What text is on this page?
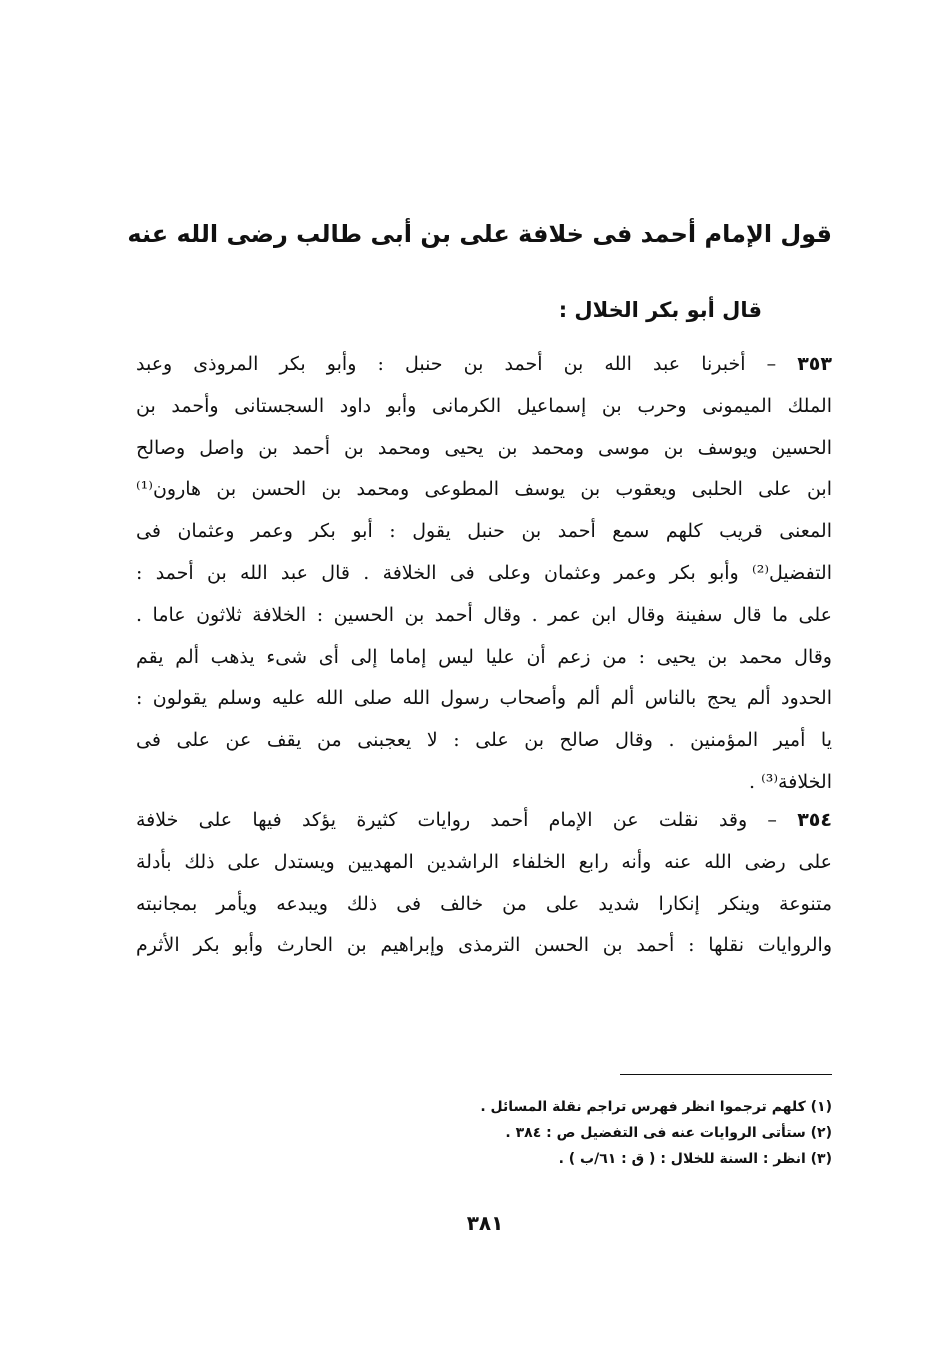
قول الإمام أحمد فى خلافة على بن أبى طالب رضى الله عنه
قال أبو بكر الخلال :
٣٥٣ – أخبرنا عبد الله بن أحمد بن حنبل : وأبو بكر المروذى وعبد
الملك الميمونى وحرب بن إسماعيل الكرمانى وأبو داود السجستانى وأحمد بن
الحسين ويوسف بن موسى ومحمد بن يحيى ومحمد بن أحمد بن واصل وصالح
ابن على الحلبى ويعقوب بن يوسف المطوعى ومحمد بن الحسن بن هارون⁽¹⁾
المعنى قريب كلهم سمع أحمد بن حنبل يقول : أبو بكر وعمر وعثمان فى
التفضيل⁽²⁾ وأبو بكر وعمر وعثمان وعلى فى الخلافة . قال عبد الله بن أحمد :
على ما قال سفينة وقال ابن عمر . وقال أحمد بن الحسين : الخلافة ثلاثون عاما .
وقال محمد بن يحيى : من زعم أن عليا ليس إماما إلى أى شىء يذهب ألم يقم
الحدود ألم يحج بالناس ألم ألم وأصحاب رسول الله صلى الله عليه وسلم يقولون :
يا أمير المؤمنين . وقال صالح بن على : لا يعجبنى من يقف عن على فى
الخلافة⁽³⁾ .
٣٥٤ – وقد نقلت عن الإمام أحمد روايات كثيرة يؤكد فيها على خلافة
على رضى الله عنه وأنه رابع الخلفاء الراشدين المهديين ويستدل على ذلك بأدلة
متنوعة وينكر إنكارا شديد على من خالف فى ذلك ويبدعه ويأمر بمجانبته
والروايات نقلها : أحمد بن الحسن الترمذى وإبراهيم بن الحارث وأبو بكر الأثرم
(١) كلهم ترجموا انظر فهرس تراجم نقلة المسائل .
(٢) ستأتى الروايات عنه فى التفضيل ص : ٣٨٤ .
(٣) انظر : السنة للخلال : ( ق : ٦١/ب ) .
٣٨١
